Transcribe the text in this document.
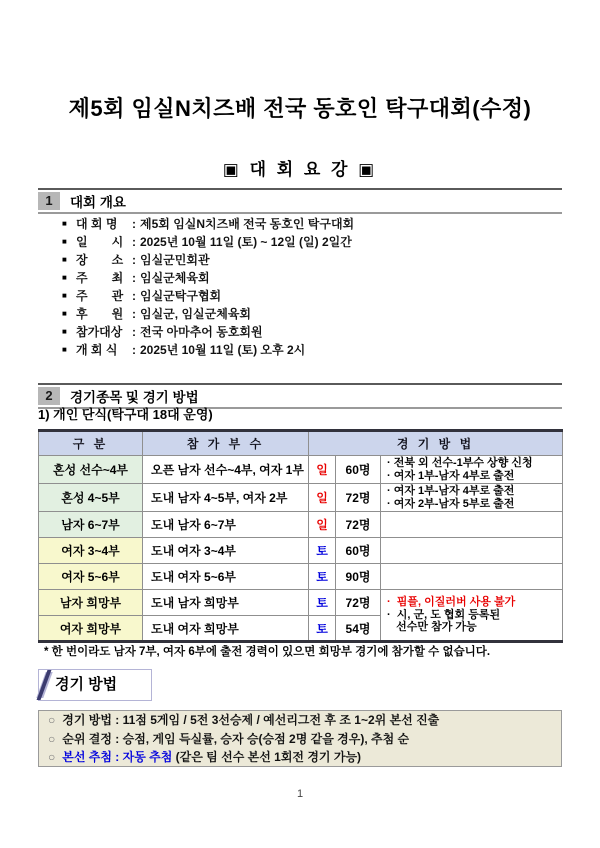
제5회 임실N치즈배 전국 동호인 탁구대회(수정)
▣ 대 회 요 강 ▣
1	대회 개요
■ 대 회 명	: 제5회 임실N치즈배 전국 동호인 탁구대회
■ 일　　시 : 2025년 10월 11일 (토) ~ 12일 (일) 2일간
■ 장　　소 : 임실군민회관
■ 주　　최 : 임실군체육회
■ 주　　관 : 임실군탁구협회
■ 후　　원 : 임실군, 임실군체육회
■ 참가대상 : 전국 아마추어 동호회원
■ 개 회 식	: 2025년 10월 11일 (토) 오후 2시
2	경기종목 및 경기 방법
1) 개인 단식(탁구대 18대 운영)
구 분	참 가 부 수	경 기 방 법		
혼성 선수~4부	오픈 남자 선수~4부, 여자 1부	일	60명	· 전북 외 선수-1부수 상향 신청
· 여자 1부-남자 4부로 출전

혼성 4~5부	도내 남자 4~5부, 여자 2부	일	72명	· 여자 1부-남자 4부로 출전
· 여자 2부-남자 5부로 출전

남자 6~7부	도내 남자 6~7부	일	72명	
여자 3~4부	도내 여자 3~4부	토	60명	
여자 5~6부	도내 여자 5~6부	토	90명	
남자 희망부	도내 남자 희망부	토	72명	·  핌플, 이질러버 사용 불가
·  시, 군, 도 협회 등록된
선수만 참가 가능

여자 희망부	도내 여자 희망부	토	54명	
* 한 번이라도 남자 7부, 여자 6부에 출전 경력이 있으면 희망부 경기에 참가할 수 없습니다.
경기 방법
○ 경기 방법 : 11점 5게임 / 5전 3선승제 / 예선리그전 후 조 1~2위 본선 진출
○ 순위 결정 : 승점, 게임 득실률, 승자 승(승점 2명 같을 경우), 추첨 순
○ 본선 추첨 : 자동 추첨 (같은 팀 선수 본선 1회전 경기 가능)
1
